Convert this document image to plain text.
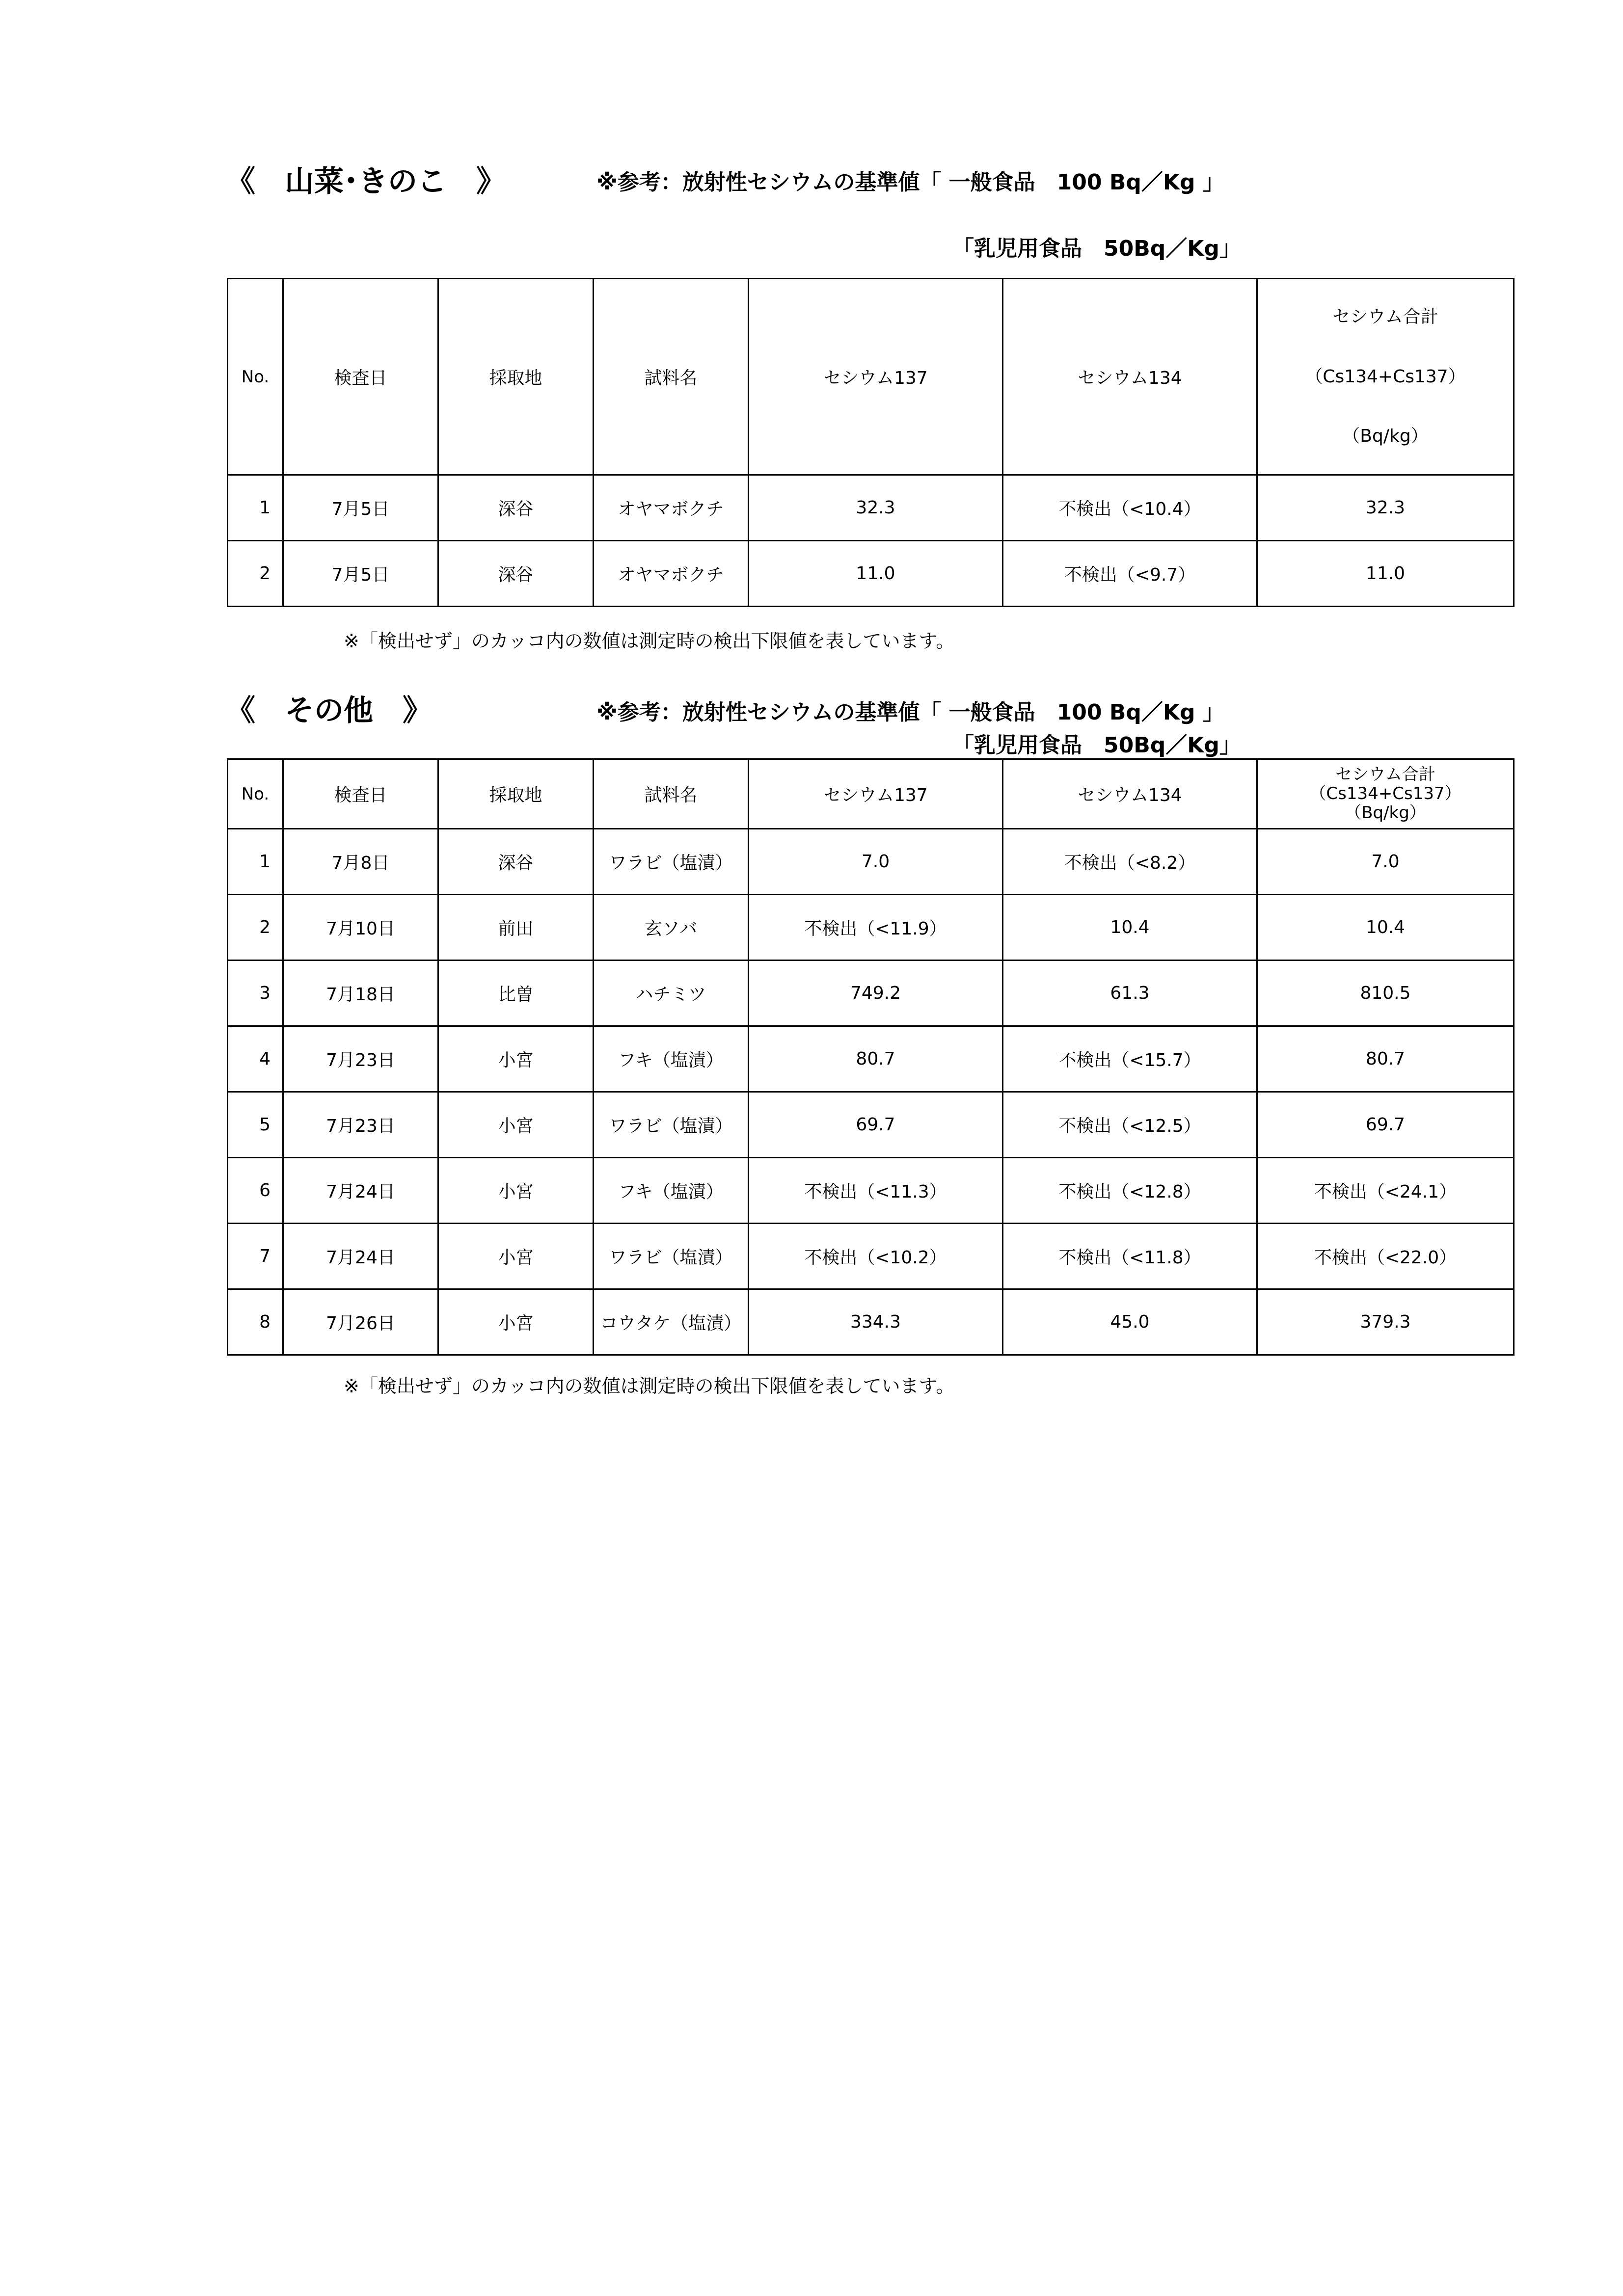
《　山菜･きのこ　》	※参考：放射性セシウムの基準値「 一般食品　100 Bq／Kg 」
「乳児用食品　50Bq／Kg」
No.	検査日	採取地	試料名	セシウム137	セシウム134	セシウム合計
（Cs134+Cs137）
（Bq/kg）

1	7月5日	深谷	オヤマボクチ	32.3	不検出（<10.4）	32.3
2	7月5日	深谷	オヤマボクチ	11.0	不検出（<9.7）	11.0
※「検出せず」のカッコ内の数値は測定時の検出下限値を表しています。
《　その他　》	※参考：放射性セシウムの基準値「 一般食品　100 Bq／Kg 」
「乳児用食品　50Bq／Kg」
No.	検査日	採取地	試料名	セシウム137	セシウム134	セシウム合計
（Cs134+Cs137）
（Bq/kg）

1	7月8日	深谷	ワラビ（塩漬）	7.0	不検出（<8.2）	7.0
2	7月10日	前田	玄ソバ	不検出（<11.9）	10.4	10.4
3	7月18日	比曽	ハチミツ	749.2	61.3	810.5
4	7月23日	小宮	フキ（塩漬）	80.7	不検出（<15.7）	80.7
5	7月23日	小宮	ワラビ（塩漬）	69.7	不検出（<12.5）	69.7
6	7月24日	小宮	フキ（塩漬）	不検出（<11.3）	不検出（<12.8）	不検出（<24.1）
7	7月24日	小宮	ワラビ（塩漬）	不検出（<10.2）	不検出（<11.8）	不検出（<22.0）
8	7月26日	小宮	コウタケ（塩漬）	334.3	45.0	379.3
※「検出せず」のカッコ内の数値は測定時の検出下限値を表しています。
